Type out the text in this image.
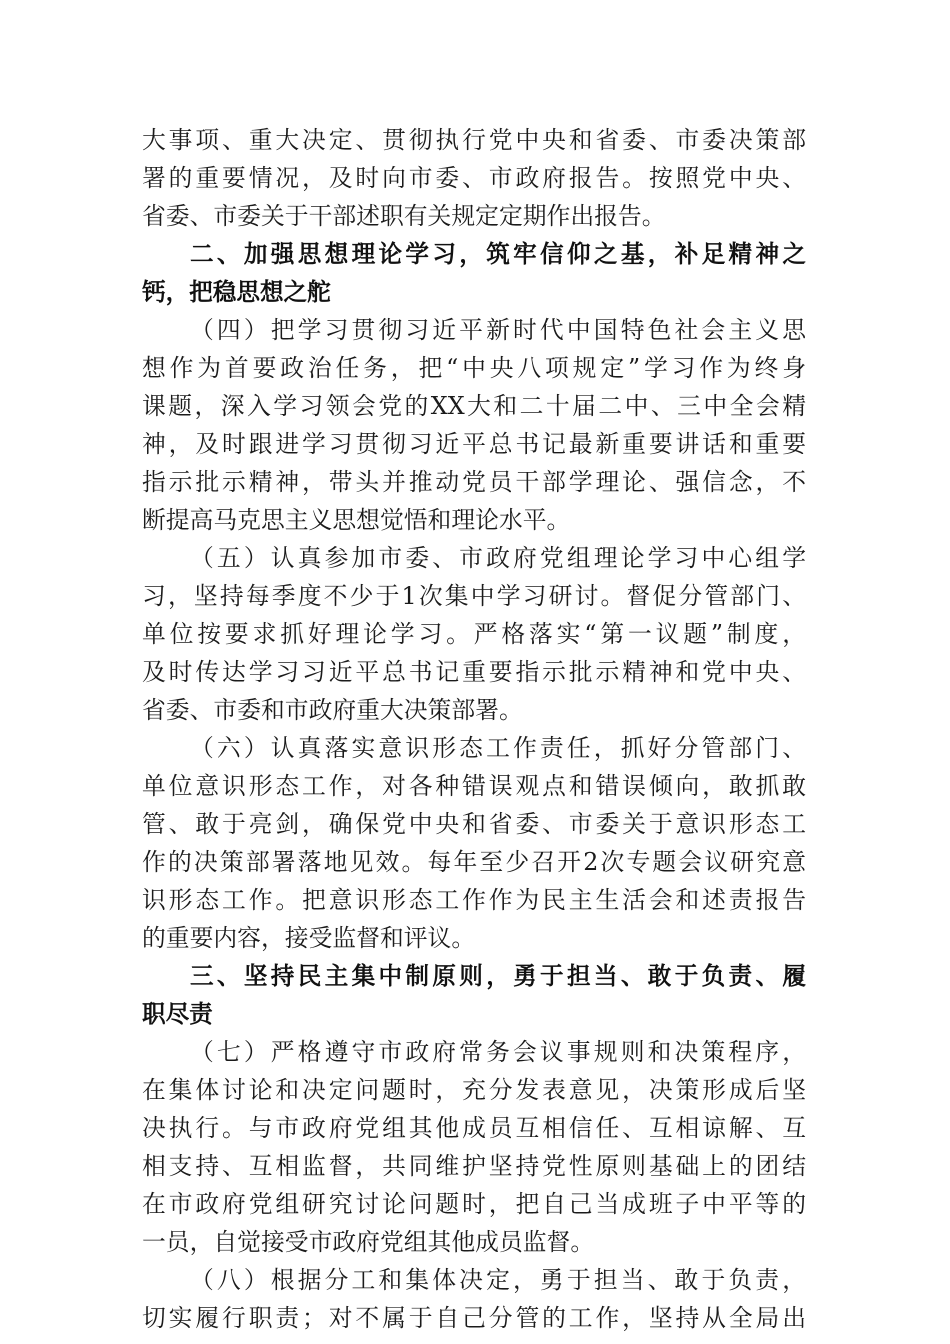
大事项、重大决定、贯彻执行党中央和省委、市委决策部
署的重要情况，及时向市委、市政府报告。按照党中央、
省委、市委关于干部述职有关规定定期作出报告。
二、加强思想理论学习，筑牢信仰之基，补足精神之
钙，把稳思想之舵
（四）把学习贯彻习近平新时代中国特色社会主义思
想作为首要政治任务，把“中央八项规定”学习作为终身
课题，深入学习领会党的XX大和二十届二中、三中全会精
神，及时跟进学习贯彻习近平总书记最新重要讲话和重要
指示批示精神，带头并推动党员干部学理论、强信念，不
断提高马克思主义思想觉悟和理论水平。
（五）认真参加市委、市政府党组理论学习中心组学
习，坚持每季度不少于1次集中学习研讨。督促分管部门、
单位按要求抓好理论学习。严格落实“第一议题”制度，
及时传达学习习近平总书记重要指示批示精神和党中央、
省委、市委和市政府重大决策部署。
（六）认真落实意识形态工作责任，抓好分管部门、
单位意识形态工作，对各种错误观点和错误倾向，敢抓敢
管、敢于亮剑，确保党中央和省委、市委关于意识形态工
作的决策部署落地见效。每年至少召开2次专题会议研究意
识形态工作。把意识形态工作作为民主生活会和述责报告
的重要内容，接受监督和评议。
三、坚持民主集中制原则，勇于担当、敢于负责、履
职尽责
（七）严格遵守市政府常务会议事规则和决策程序，
在集体讨论和决定问题时，充分发表意见，决策形成后坚
决执行。与市政府党组其他成员互相信任、互相谅解、互
相支持、互相监督，共同维护坚持党性原则基础上的团结
在市政府党组研究讨论问题时，把自己当成班子中平等的
一员，自觉接受市政府党组其他成员监督。
（八）根据分工和集体决定，勇于担当、敢于负责，
切实履行职责；对不属于自己分管的工作，坚持从全局出
